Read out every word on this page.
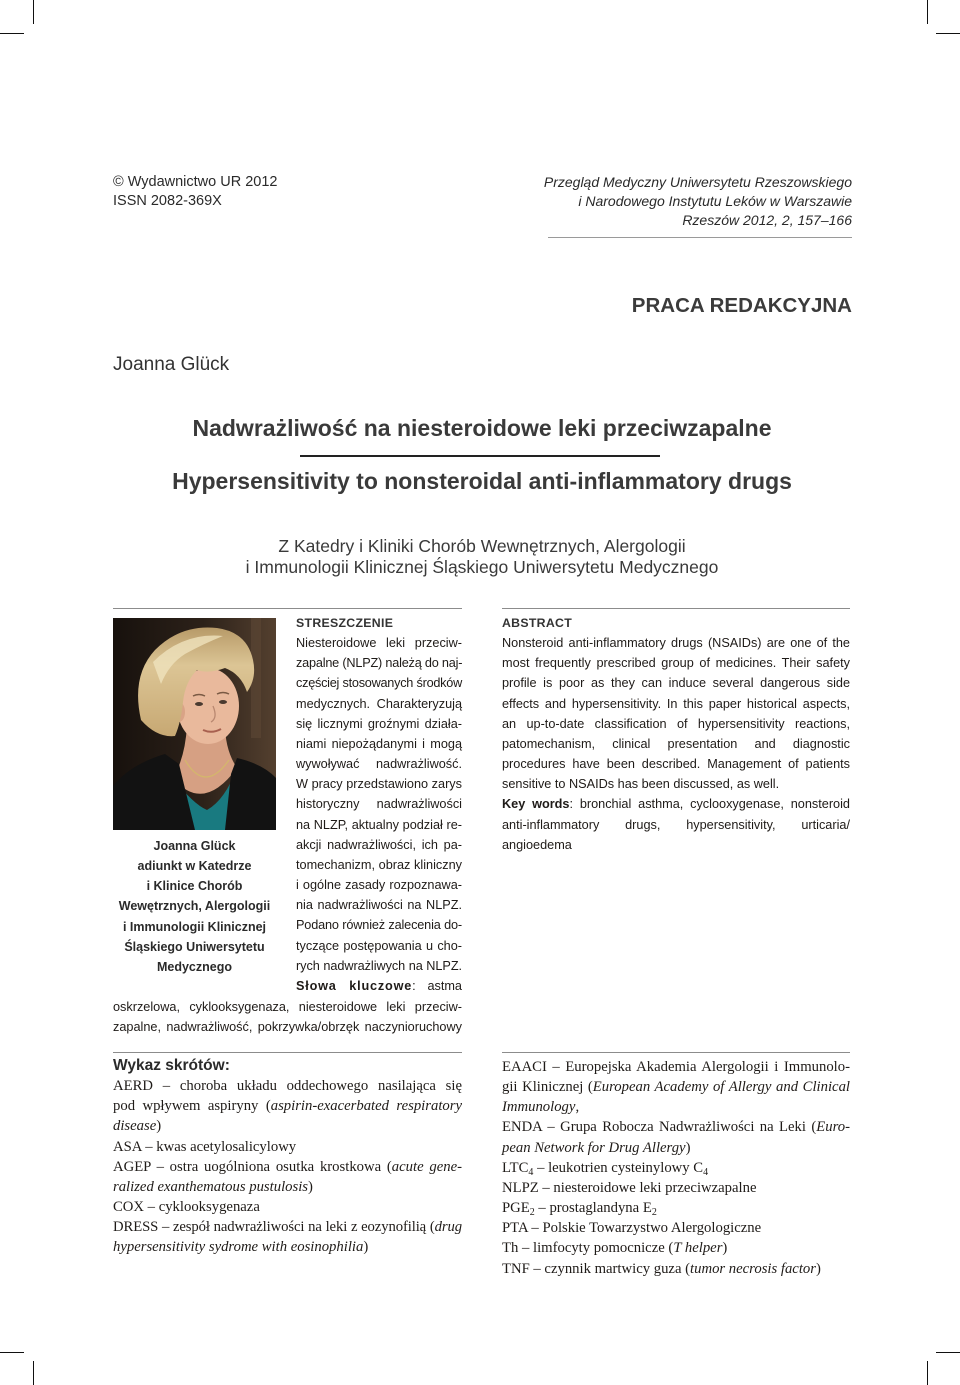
© Wydawnictwo UR 2012
ISSN 2082-369X
Przegląd Medyczny Uniwersytetu Rzeszowskiego
i Narodowego Instytutu Leków w Warszawie
Rzeszów 2012, 2, 157–166
PRACA REDAKCYJNA
Joanna Glück
Nadwrażliwość na niesteroidowe leki przeciwzapalne
Hypersensitivity to nonsteroidal anti-inflammatory drugs
Z Katedry i Kliniki Chorób Wewnętrznych, Alergologii
i Immunologii Klinicznej Śląskiego Uniwersytetu Medycznego
Joanna Glück
adiunkt w Katedrze
i Klinice Chorób
Wewętrznych, Alergologii
i Immunologii Klinicznej
Śląskiego Uniwersytetu
Medycznego
STRESZCZENIE
Niesteroidowe leki przeciw-
zapalne (NLPZ) należą do naj-
częściej stosowanych środków
medycznych. Charakteryzują
się licznymi groźnymi działa-
niami niepożądanymi i mogą
wywoływać nadwrażliwość.
W pracy przedstawiono zarys
historyczny nadwrażliwości
na NLZP, aktualny podział re-
akcji nadwrażliwości, ich pa-
tomechanizm, obraz kliniczny
i ogólne zasady rozpoznawa-
nia nadwrażliwości na NLPZ.
Podano również zalecenia do-
tyczące postępowania u cho-
rych nadwrażliwych na NLPZ.
Słowa kluczowe: astma
oskrzelowa, cyklooksygenaza, niesteroidowe leki przeciw-
zapalne, nadwrażliwość, pokrzywka/obrzęk naczynioruchowy
ABSTRACT
Nonsteroid anti-inflammatory drugs (NSAIDs) are one of the
most frequently prescribed group of medicines. Their safety
profile is poor as they can induce several dangerous side
effects and hypersensitivity. In this paper historical aspects,
an up-to-date classification of hypersensitivity reactions,
patomechanism, clinical presentation and diagnostic
procedures have been described. Management of patients
sensitive to NSAIDs has been discussed, as well.
Key words: bronchial asthma, cyclooxygenase, nonsteroid
anti-inflammatory drugs, hypersensitivity, urticaria/
angioedema
Wykaz skrótów:
AERD – choroba układu oddechowego nasilająca się
pod wpływem aspiryny (aspirin-exacerbated respiratory
disease)
ASA – kwas acetylosalicylowy
AGEP – ostra uogólniona osutka krostkowa (acute gene-
ralized exanthematous pustulosis)
COX – cyklooksygenaza
DRESS – zespół nadwrażliwości na leki z eozynofilią (drug
hypersensitivity sydrome with eosinophilia)
EAACI – Europejska Akademia Alergologii i Immunolo-
gii Klinicznej (European Academy of Allergy and Clinical
Immunology,
ENDA – Grupa Robocza Nadwrażliwości na Leki (Euro-
pean Network for Drug Allergy)
$LTC_4$ – leukotrien cysteinylowy $C_4$
NLPZ – niesteroidowe leki przeciwzapalne
$PGE_2$ – prostaglandyna $E_2$
PTA – Polskie Towarzystwo Alergologiczne
Th – limfocyty pomocnicze (T helper)
TNF – czynnik martwicy guza (tumor necrosis factor)
